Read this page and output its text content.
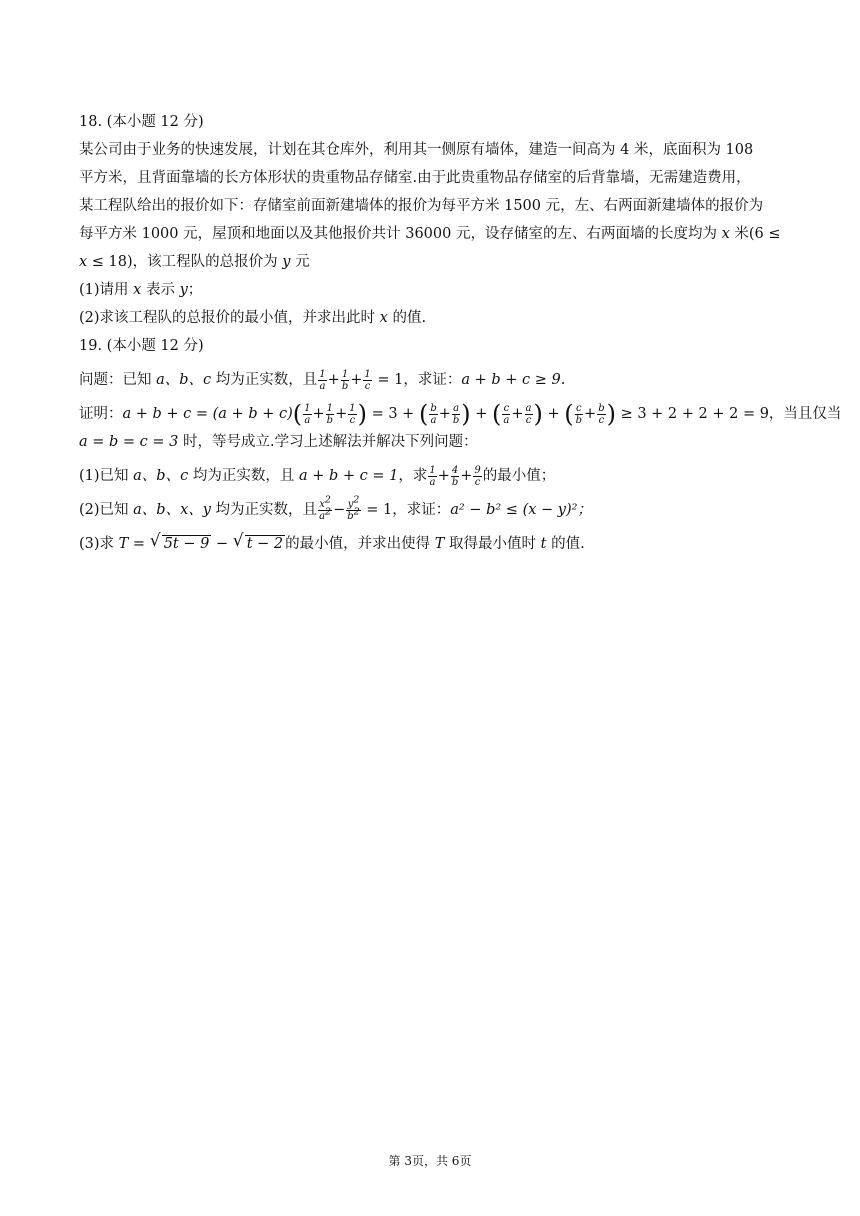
18. (本小题 12 分)
某公司由于业务的快速发展，计划在其仓库外，利用其一侧原有墙体，建造一间高为 4 米，底面积为 108
平方米，且背面靠墙的长方体形状的贵重物品存储室.由于此贵重物品存储室的后背靠墙，无需建造费用，
某工程队给出的报价如下：存储室前面新建墙体的报价为每平方米 1500 元，左、右两面新建墙体的报价为
每平方米 1000 元，屋顶和地面以及其他报价共计 36000 元，设存储室的左、右两面墙的长度均为 x 米(6 ≤
x ≤ 18)，该工程队的总报价为 y 元
(1)请用 x 表示 y；
(2)求该工程队的总报价的最小值，并求出此时 x 的值.
19. (本小题 12 分)
问题：已知 a、b、c 均为正实数，且 $\frac{1}{a} + \frac{1}{b} + \frac{1}{c} = 1$，求证：a + b + c ≥ 9.
证明：$a + b + c = (a + b + c)( \frac{1}{a} + \frac{1}{b} + \frac{1}{c}$ ) = 3 + ( $\frac{b}{a} + \frac{a}{b}$ ) + ( $\frac{c}{a} + \frac{a}{c}$ ) + ( $\frac{c}{b} + \frac{b}{c}$ ) ≥ 3 + 2 + 2 + 2 = 9，当且仅当
a = b = c = 3 时，等号成立.学习上述解法并解决下列问题：
(1)已知 a、b、c 均为正实数，且 a + b + c = 1，求 $\frac{1}{a} + \frac{4}{b} + \frac{9}{c}$ 的最小值；
(2)已知 a、b、x、y 均为正实数，且 $\frac{x^2}{a^2} - \frac{y^2}{b^2} = 1$，求证：a² − b² ≤ (x − y)²；
(3)求 T = √ 5t − 9 − √ t − 2 的最小值，并求出使得 T 取得最小值时 t 的值.
第 3页，共 6页
